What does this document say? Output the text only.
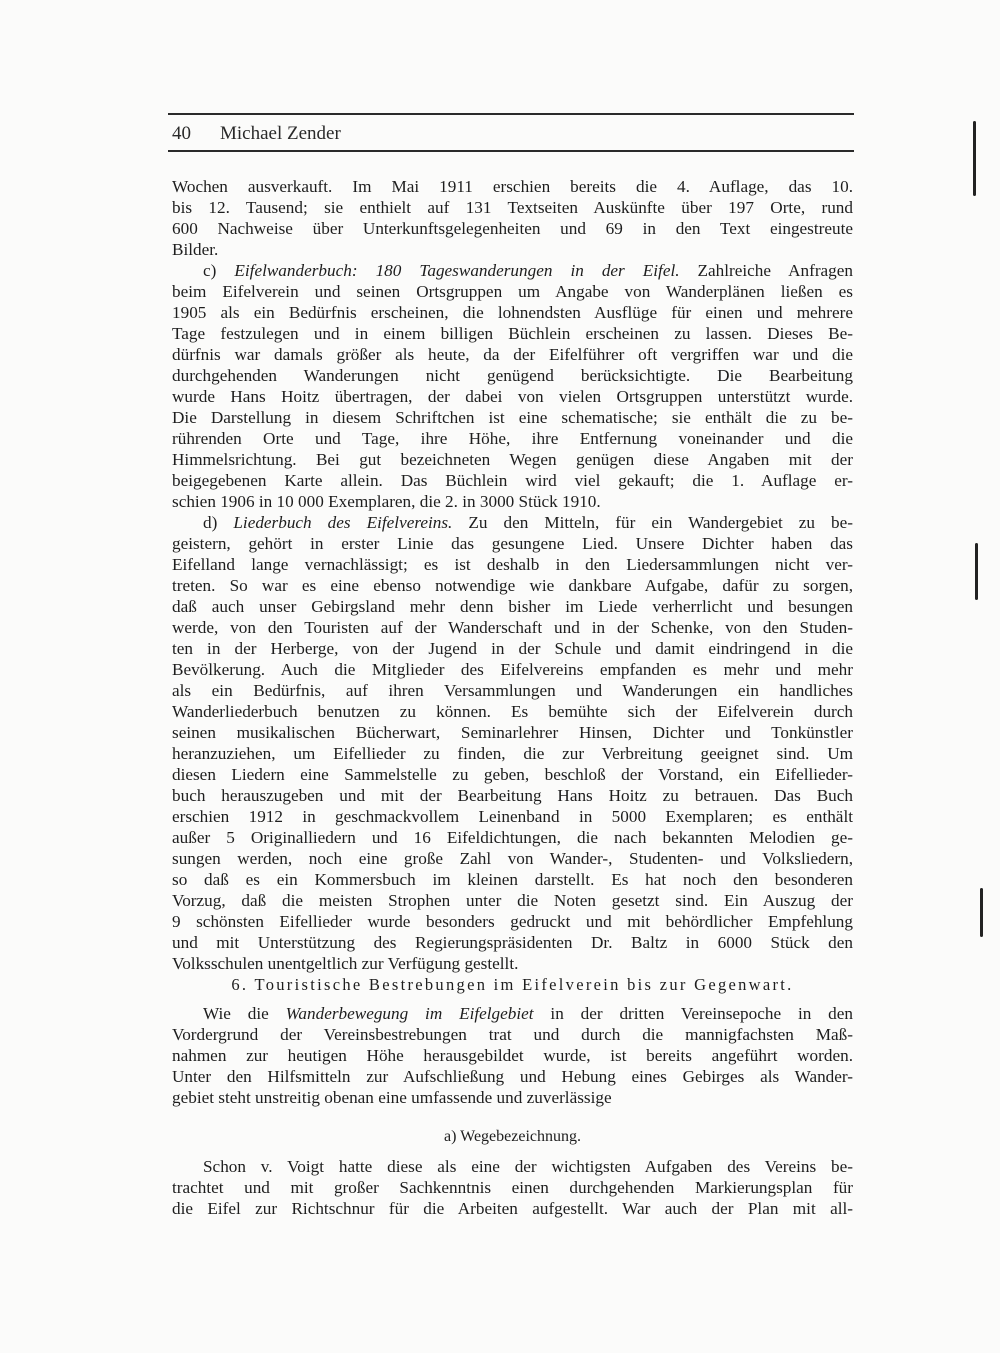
40 Michael Zender
Wochen ausverkauft. Im Mai 1911 erschien bereits die 4. Auflage, das 10.
bis 12. Tausend; sie enthielt auf 131 Textseiten Auskünfte über 197 Orte, rund
600 Nachweise über Unterkunftsgelegenheiten und 69 in den Text eingestreute
Bilder.
c) Eifelwanderbuch: 180 Tageswanderungen in der Eifel. Zahlreiche Anfragen
beim Eifelverein und seinen Ortsgruppen um Angabe von Wanderplänen ließen es
1905 als ein Bedürfnis erscheinen, die lohnendsten Ausflüge für einen und mehrere
Tage festzulegen und in einem billigen Büchlein erscheinen zu lassen. Dieses Be-
dürfnis war damals größer als heute, da der Eifelführer oft vergriffen war und die
durchgehenden Wanderungen nicht genügend berücksichtigte. Die Bearbeitung
wurde Hans Hoitz übertragen, der dabei von vielen Ortsgruppen unterstützt wurde.
Die Darstellung in diesem Schriftchen ist eine schematische; sie enthält die zu be-
rührenden Orte und Tage, ihre Höhe, ihre Entfernung voneinander und die
Himmelsrichtung. Bei gut bezeichneten Wegen genügen diese Angaben mit der
beigegebenen Karte allein. Das Büchlein wird viel gekauft; die 1. Auflage er-
schien 1906 in 10 000 Exemplaren, die 2. in 3000 Stück 1910.
d) Liederbuch des Eifelvereins. Zu den Mitteln, für ein Wandergebiet zu be-
geistern, gehört in erster Linie das gesungene Lied. Unsere Dichter haben das
Eifelland lange vernachlässigt; es ist deshalb in den Liedersammlungen nicht ver-
treten. So war es eine ebenso notwendige wie dankbare Aufgabe, dafür zu sorgen,
daß auch unser Gebirgsland mehr denn bisher im Liede verherrlicht und besungen
werde, von den Touristen auf der Wanderschaft und in der Schenke, von den Studen-
ten in der Herberge, von der Jugend in der Schule und damit eindringend in die
Bevölkerung. Auch die Mitglieder des Eifelvereins empfanden es mehr und mehr
als ein Bedürfnis, auf ihren Versammlungen und Wanderungen ein handliches
Wanderliederbuch benutzen zu können. Es bemühte sich der Eifelverein durch
seinen musikalischen Bücherwart, Seminarlehrer Hinsen, Dichter und Tonkünstler
heranzuziehen, um Eifellieder zu finden, die zur Verbreitung geeignet sind. Um
diesen Liedern eine Sammelstelle zu geben, beschloß der Vorstand, ein Eifellieder-
buch herauszugeben und mit der Bearbeitung Hans Hoitz zu betrauen. Das Buch
erschien 1912 in geschmackvollem Leinenband in 5000 Exemplaren; es enthält
außer 5 Originalliedern und 16 Eifeldichtungen, die nach bekannten Melodien ge-
sungen werden, noch eine große Zahl von Wander-, Studenten- und Volksliedern,
so daß es ein Kommersbuch im kleinen darstellt. Es hat noch den besonderen
Vorzug, daß die meisten Strophen unter die Noten gesetzt sind. Ein Auszug der
9 schönsten Eifellieder wurde besonders gedruckt und mit behördlicher Empfehlung
und mit Unterstützung des Regierungspräsidenten Dr. Baltz in 6000 Stück den
Volksschulen unentgeltlich zur Verfügung gestellt.
6. Touristische Bestrebungen im Eifelverein bis zur Gegenwart.
Wie die Wanderbewegung im Eifelgebiet in der dritten Vereinsepoche in den
Vordergrund der Vereinsbestrebungen trat und durch die mannigfachsten Maß-
nahmen zur heutigen Höhe herausgebildet wurde, ist bereits angeführt worden.
Unter den Hilfsmitteln zur Aufschließung und Hebung eines Gebirges als Wander-
gebiet steht unstreitig obenan eine umfassende und zuverlässige
a) Wegebezeichnung.
Schon v. Voigt hatte diese als eine der wichtigsten Aufgaben des Vereins be-
trachtet und mit großer Sachkenntnis einen durchgehenden Markierungsplan für
die Eifel zur Richtschnur für die Arbeiten aufgestellt. War auch der Plan mit all-
